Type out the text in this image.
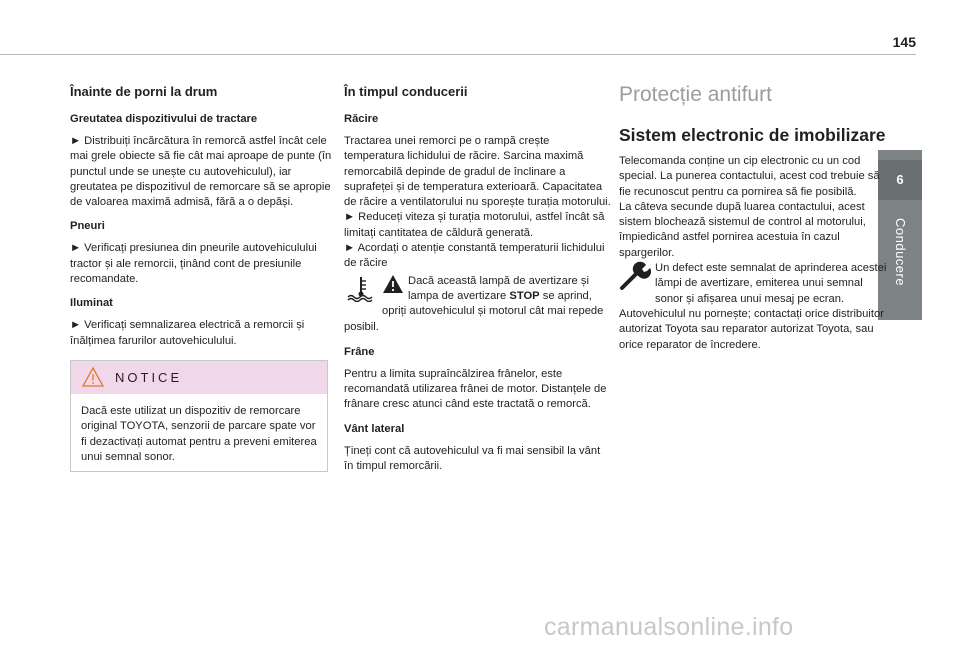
145
6
Conducere
Înainte de porni la drum
Greutatea dispozitivului de tractare

► Distribuiți încărcătura în remorcă astfel încât cele mai grele obiecte să fie cât mai aproape de punte (în punctul unde se unește cu autovehiculul), iar greutatea pe dispozitivul de remorcare să se apropie de valoarea maximă admisă, fără a o depăși.

Pneuri

► Verificați presiunea din pneurile autovehiculului tractor și ale remorcii, ținând cont de presiunile recomandate.

Iluminat

► Verificați semnalizarea electrică a remorcii și înălțimea farurilor autovehiculului.

NOTICE
Dacă este utilizat un dispozitiv de remorcare original TOYOTA, senzorii de parcare spate vor fi dezactivați automat pentru a preveni emiterea unui semnal sonor.
În timpul conducerii
Răcire

Tractarea unei remorci pe o rampă crește temperatura lichidului de răcire. Sarcina maximă remorcabilă depinde de gradul de înclinare a suprafeței și de temperatura exterioară. Capacitatea de răcire a ventilatorului nu sporește turația motorului.

► Reduceți viteza și turația motorului, astfel încât să limitați cantitatea de căldură generată.

► Acordați o atenție constantă temperaturii lichidului de răcire

Dacă această lampă de avertizare și lampa de avertizare STOP se aprind, opriți autovehiculul și motorul cât mai repede posibil.
Frâne

Pentru a limita supraîncălzirea frânelor, este recomandată utilizarea frânei de motor. Distanțele de frânare cresc atunci când este tractată o remorcă.

Vânt lateral

Țineți cont că autovehiculul va fi mai sensibil la vânt în timpul remorcării.

Protecție antifurt
Sistem electronic de imobilizare

Telecomanda conține un cip electronic cu un cod special. La punerea contactului, acest cod trebuie să fie recunoscut pentru ca pornirea să fie posibilă.

La câteva secunde după luarea contactului, acest sistem blochează sistemul de control al motorului, împiedicând astfel pornirea acestuia în cazul spargerilor.

Un defect este semnalat de aprinderea acestei lămpi de avertizare, emiterea unui semnal sonor și afișarea unui mesaj pe ecran. Autovehiculul nu pornește; contactați orice distribuitor autorizat Toyota sau reparator autorizat Toyota, sau orice reparator de încredere.
carmanualsonline.info
